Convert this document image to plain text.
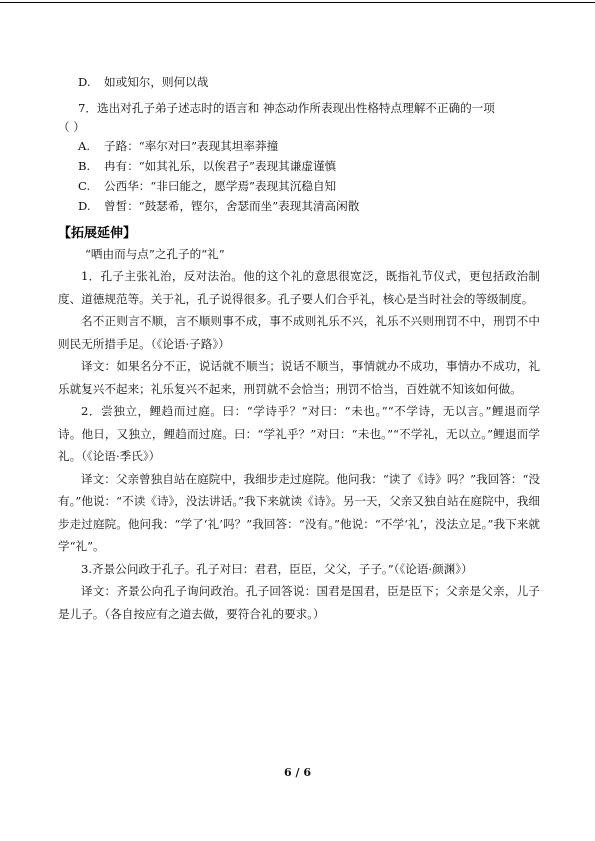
D. 如或知尔，则何以哉
7．选出对孔子弟子述志时的语言和 神态动作所表现出性格特点理解不正确的一项
（ ）
A. 子路：“率尔对曰”表现其坦率莽撞
B. 冉有：“如其礼乐，以俟君子”表现其谦虚谨慎
C. 公西华：“非曰能之，愿学焉”表现其沉稳自知
D. 曾皙：“鼓瑟希，铿尔，舍瑟而坐”表现其清高闲散
【拓展延伸】

“哂由而与点”之孔子的“礼”

1．孔子主张礼治，反对法治。他的这个礼的意思很宽泛，既指礼节仪式，更包括政治制度、道德规范等。关于礼，孔子说得很多。孔子要人们合乎礼，核心是当时社会的等级制度。

名不正则言不顺，言不顺则事不成，事不成则礼乐不兴，礼乐不兴则刑罚不中，刑罚不中则民无所措手足。（《论语·子路》）

译文：如果名分不正，说话就不顺当；说话不顺当，事情就办不成功，事情办不成功，礼乐就复兴不起来；礼乐复兴不起来，刑罚就不会恰当；刑罚不恰当，百姓就不知该如何做。

2．尝独立，鲤趋而过庭。曰：“学诗乎？”对曰：“未也。”“不学诗，无以言。”鲤退而学诗。他日，又独立，鲤趋而过庭。曰：“学礼乎？”对曰：“未也。”“不学礼，无以立。”鲤退而学礼。（《论语·季氏》）

译文：父亲曾独自站在庭院中，我细步走过庭院。他问我：“读了《诗》吗？”我回答：“没有。”他说：“不读《诗》，没法讲话。”我下来就读《诗》。另一天，父亲又独自站在庭院中，我细步走过庭院。他问我：“学了‘礼’吗？”我回答：“没有。”他说：“不学‘礼’，没法立足。”我下来就学“礼”。

3.齐景公问政于孔子。孔子对曰：君君，臣臣，父父，子子。”（《论语·颜渊》）

译文：齐景公向孔子询问政治。孔子回答说：国君是国君，臣是臣下；父亲是父亲，儿子是儿子。（各自按应有之道去做，要符合礼的要求。）

6 / 6
